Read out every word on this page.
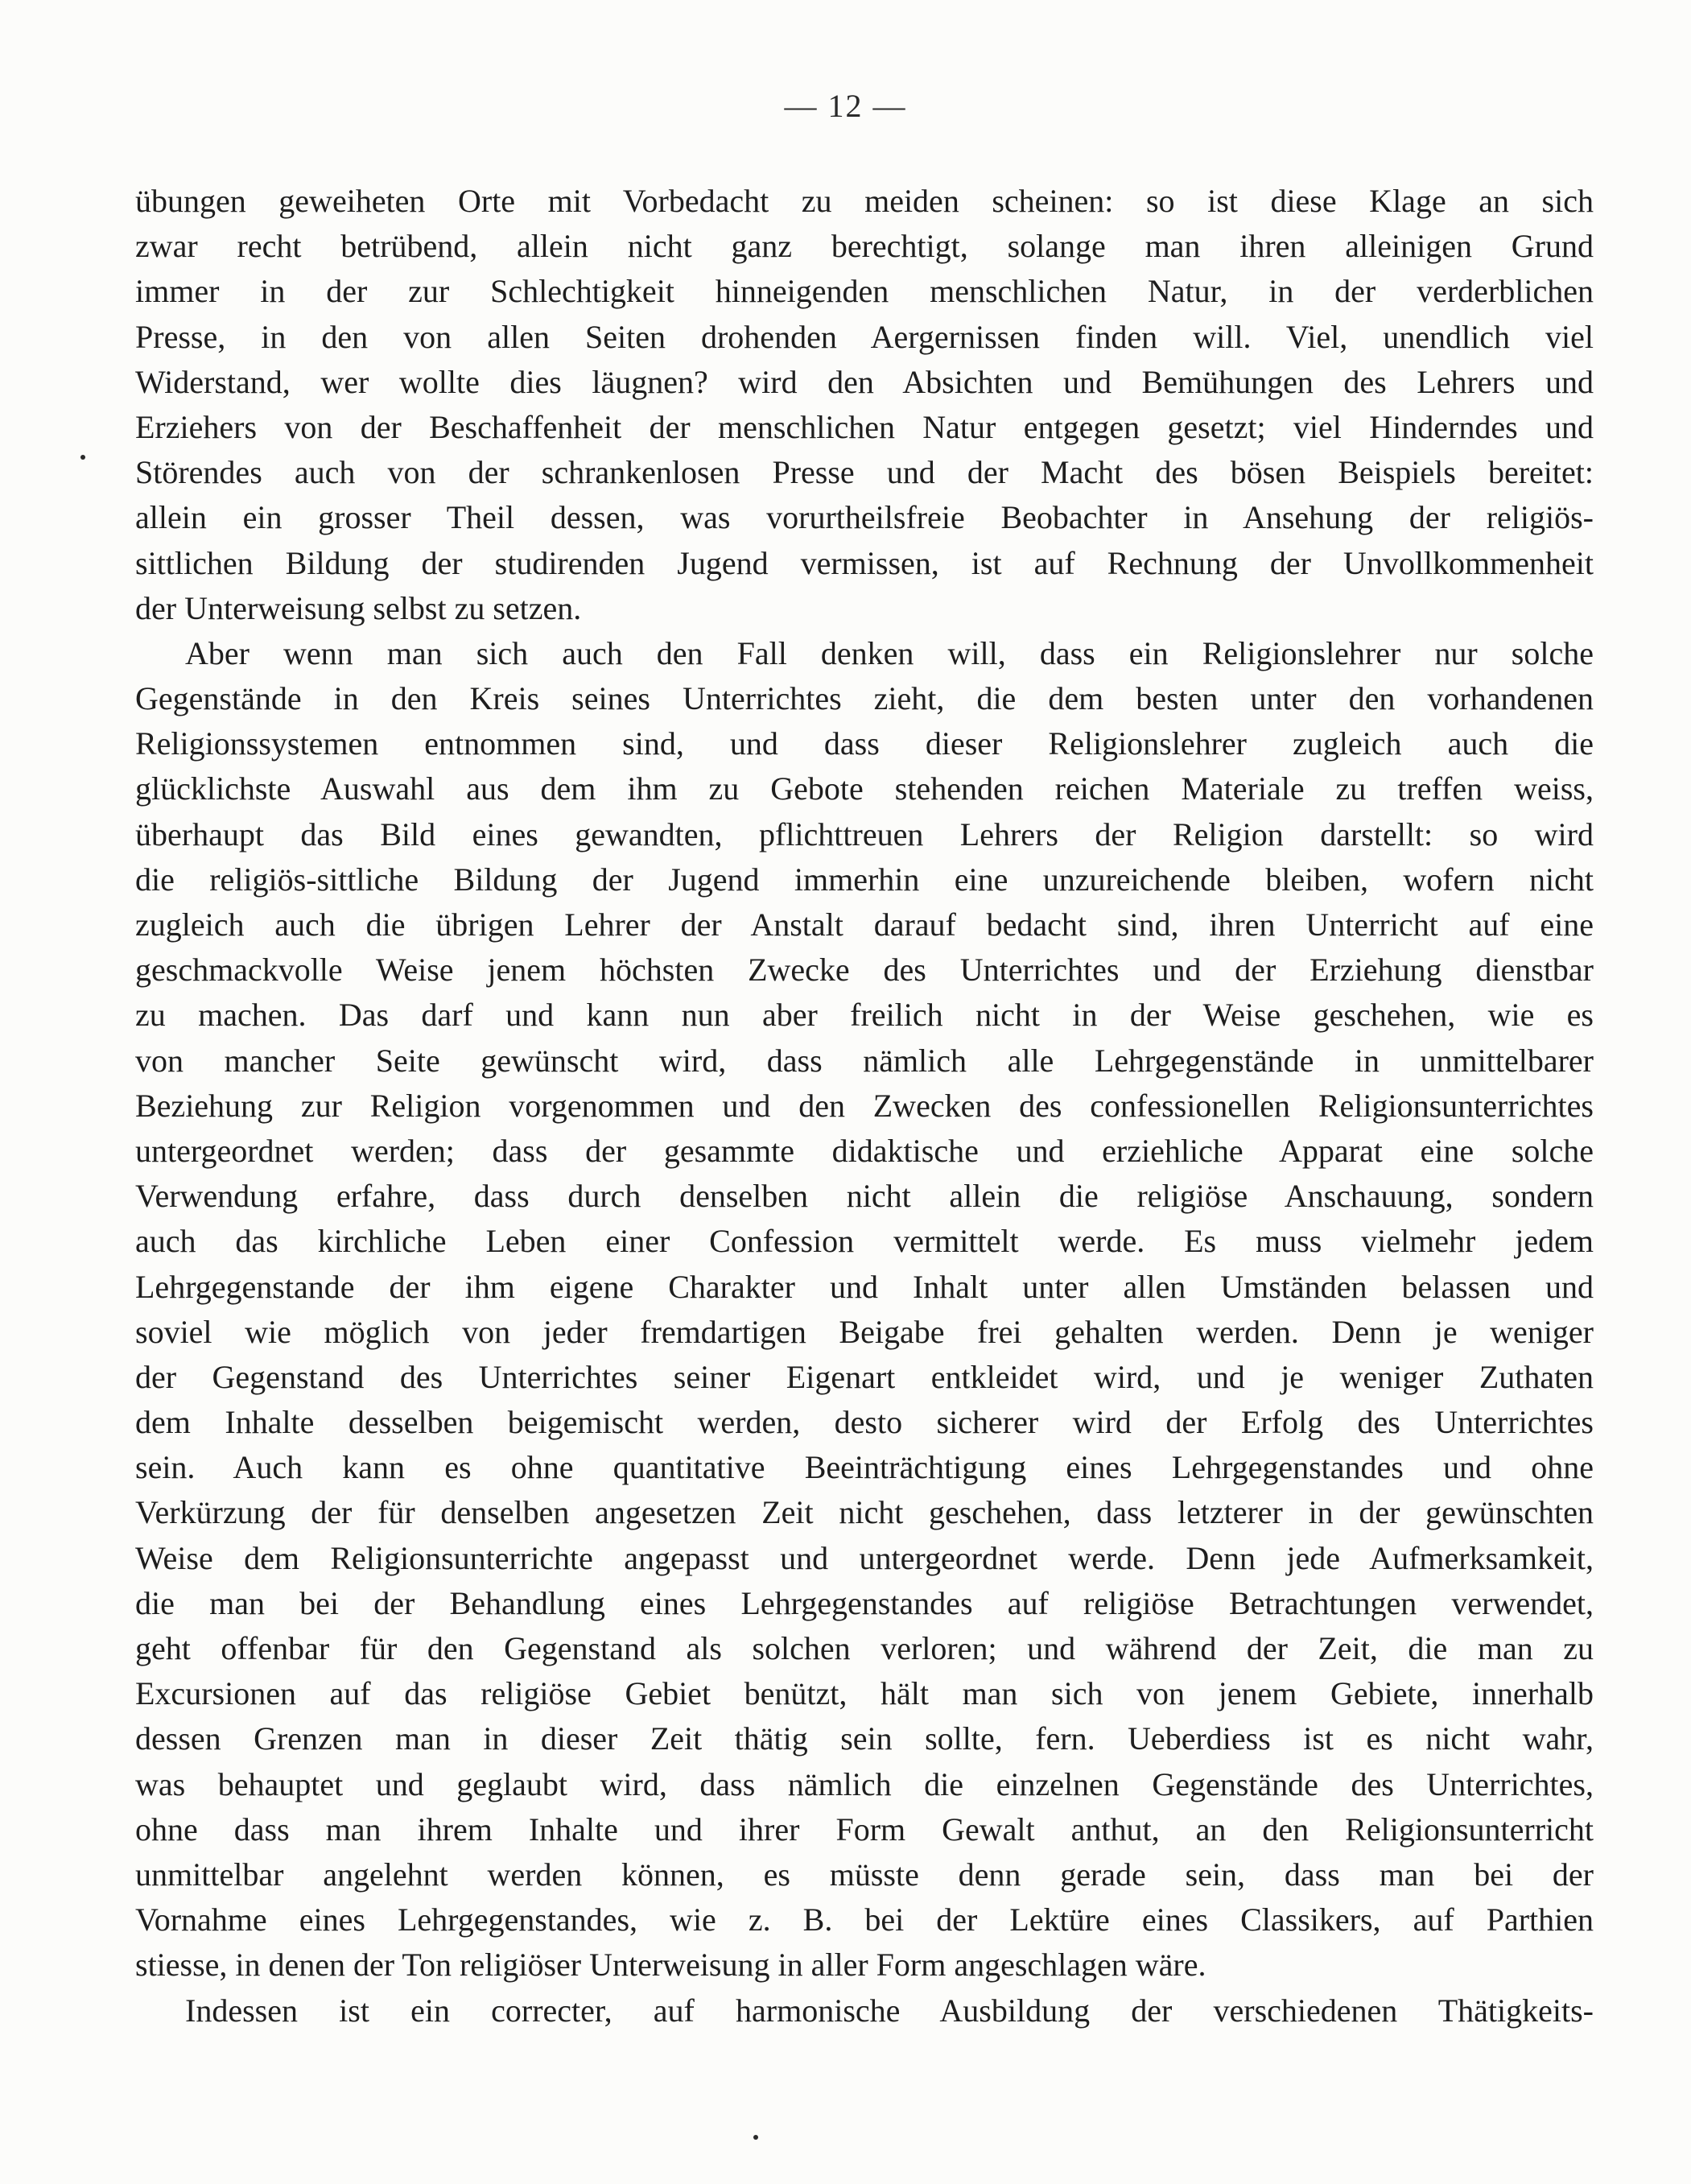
— 12 —
übungen geweiheten Orte mit Vorbedacht zu meiden scheinen: so ist diese Klage an sich
zwar recht betrübend, allein nicht ganz berechtigt, solange man ihren alleinigen Grund
immer in der zur Schlechtigkeit hinneigenden menschlichen Natur, in der verderblichen
Presse, in den von allen Seiten drohenden Aergernissen finden will. Viel, unendlich viel
Widerstand, wer wollte dies läugnen? wird den Absichten und Bemühungen des Lehrers und
Erziehers von der Beschaffenheit der menschlichen Natur entgegen gesetzt; viel Hinderndes und
Störendes auch von der schrankenlosen Presse und der Macht des bösen Beispiels bereitet:
allein ein grosser Theil dessen, was vorurtheilsfreie Beobachter in Ansehung der religiös-
sittlichen Bildung der studirenden Jugend vermissen, ist auf Rechnung der Unvollkommenheit
der Unterweisung selbst zu setzen.
Aber wenn man sich auch den Fall denken will, dass ein Religionslehrer nur solche
Gegenstände in den Kreis seines Unterrichtes zieht, die dem besten unter den vorhandenen
Religionssystemen entnommen sind, und dass dieser Religionslehrer zugleich auch die
glücklichste Auswahl aus dem ihm zu Gebote stehenden reichen Materiale zu treffen weiss,
überhaupt das Bild eines gewandten, pflichttreuen Lehrers der Religion darstellt: so wird
die religiös-sittliche Bildung der Jugend immerhin eine unzureichende bleiben, wofern nicht
zugleich auch die übrigen Lehrer der Anstalt darauf bedacht sind, ihren Unterricht auf eine
geschmackvolle Weise jenem höchsten Zwecke des Unterrichtes und der Erziehung dienstbar
zu machen. Das darf und kann nun aber freilich nicht in der Weise geschehen, wie es
von mancher Seite gewünscht wird, dass nämlich alle Lehrgegenstände in unmittelbarer
Beziehung zur Religion vorgenommen und den Zwecken des confessionellen Religionsunterrichtes
untergeordnet werden; dass der gesammte didaktische und erziehliche Apparat eine solche
Verwendung erfahre, dass durch denselben nicht allein die religiöse Anschauung, sondern
auch das kirchliche Leben einer Confession vermittelt werde. Es muss vielmehr jedem
Lehrgegenstande der ihm eigene Charakter und Inhalt unter allen Umständen belassen und
soviel wie möglich von jeder fremdartigen Beigabe frei gehalten werden. Denn je weniger
der Gegenstand des Unterrichtes seiner Eigenart entkleidet wird, und je weniger Zuthaten
dem Inhalte desselben beigemischt werden, desto sicherer wird der Erfolg des Unterrichtes
sein. Auch kann es ohne quantitative Beeinträchtigung eines Lehrgegenstandes und ohne
Verkürzung der für denselben angesetzen Zeit nicht geschehen, dass letzterer in der gewünschten
Weise dem Religionsunterrichte angepasst und untergeordnet werde. Denn jede Aufmerksamkeit,
die man bei der Behandlung eines Lehrgegenstandes auf religiöse Betrachtungen verwendet,
geht offenbar für den Gegenstand als solchen verloren; und während der Zeit, die man zu
Excursionen auf das religiöse Gebiet benützt, hält man sich von jenem Gebiete, innerhalb
dessen Grenzen man in dieser Zeit thätig sein sollte, fern. Ueberdiess ist es nicht wahr,
was behauptet und geglaubt wird, dass nämlich die einzelnen Gegenstände des Unterrichtes,
ohne dass man ihrem Inhalte und ihrer Form Gewalt anthut, an den Religionsunterricht
unmittelbar angelehnt werden können, es müsste denn gerade sein, dass man bei der
Vornahme eines Lehrgegenstandes, wie z. B. bei der Lektüre eines Classikers, auf Parthien
stiesse, in denen der Ton religiöser Unterweisung in aller Form angeschlagen wäre.
Indessen ist ein correcter, auf harmonische Ausbildung der verschiedenen Thätigkeits-
